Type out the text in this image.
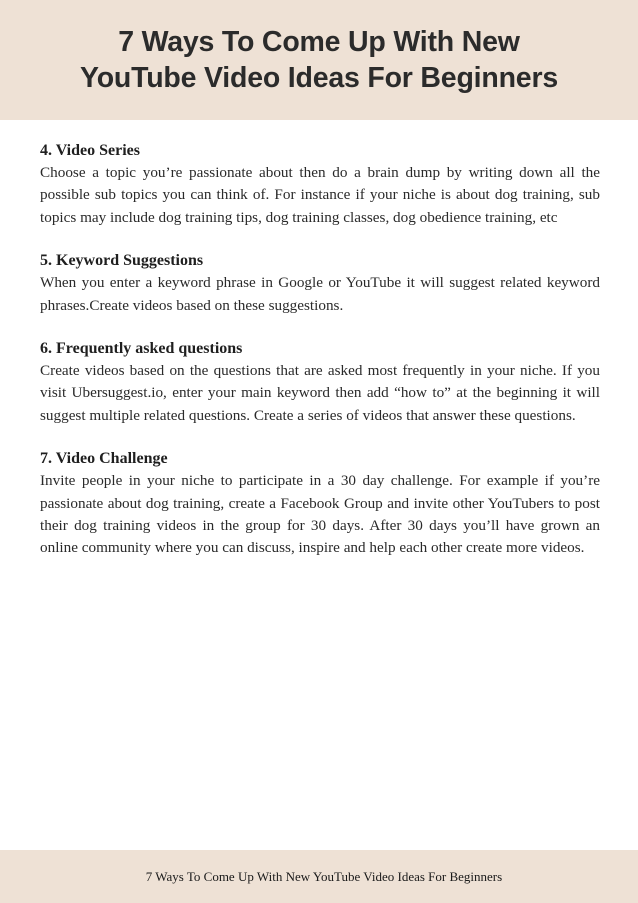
7 Ways To Come Up With New
YouTube Video Ideas For Beginners
4. Video Series

Choose a topic you’re passionate about then do a brain dump by writing down all the possible sub topics you can think of. For instance if your niche is about dog training, sub topics may include dog training tips, dog training classes, dog obedience training, etc

5. Keyword Suggestions

When you enter a keyword phrase in Google or YouTube it will suggest related keyword phrases.Create videos based on these suggestions.

6. Frequently asked questions

Create videos based on the questions that are asked most frequently in your niche. If you visit Ubersuggest.io, enter your main keyword then add “how to” at the beginning it will suggest multiple related questions. Create a series of videos that answer these questions.

7. Video Challenge

Invite people in your niche to participate in a 30 day challenge. For example if you’re passionate about dog training, create a Facebook Group and invite other YouTubers to post their dog training videos in the group for 30 days. After 30 days you’ll have grown an online community where you can discuss, inspire and help each other create more videos.

7 Ways To Come Up With New YouTube Video Ideas For Beginners
